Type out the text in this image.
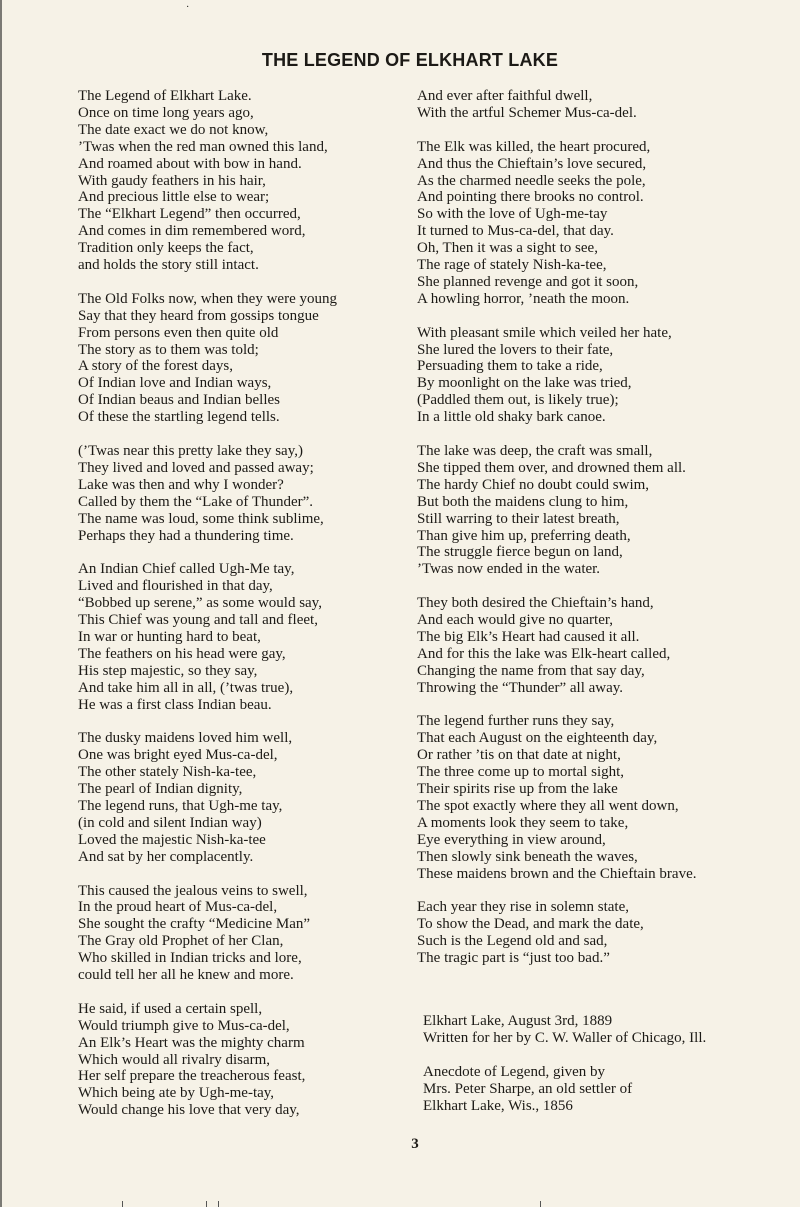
·
THE LEGEND OF ELKHART LAKE
The Legend of Elkhart Lake.
Once on time long years ago,
The date exact we do not know,
’Twas when the red man owned this land,
And roamed about with bow in hand.
With gaudy feathers in his hair,
And precious little else to wear;
The “Elkhart Legend” then occurred,
And comes in dim remembered word,
Tradition only keeps the fact,
and holds the story still intact.
The Old Folks now, when they were young
Say that they heard from gossips tongue
From persons even then quite old
The story as to them was told;
A story of the forest days,
Of Indian love and Indian ways,
Of Indian beaus and Indian belles
Of these the startling legend tells.
(’Twas near this pretty lake they say,)
They lived and loved and passed away;
Lake was then and why I wonder?
Called by them the “Lake of Thunder”.
The name was loud, some think sublime,
Perhaps they had a thundering time.
An Indian Chief called Ugh-Me tay,
Lived and flourished in that day,
“Bobbed up serene,” as some would say,
This Chief was young and tall and fleet,
In war or hunting hard to beat,
The feathers on his head were gay,
His step majestic, so they say,
And take him all in all, (’twas true),
He was a first class Indian beau.
The dusky maidens loved him well,
One was bright eyed Mus-ca-del,
The other stately Nish-ka-tee,
The pearl of Indian dignity,
The legend runs, that Ugh-me tay,
(in cold and silent Indian way)
Loved the majestic Nish-ka-tee
And sat by her complacently.
This caused the jealous veins to swell,
In the proud heart of Mus-ca-del,
She sought the crafty “Medicine Man”
The Gray old Prophet of her Clan,
Who skilled in Indian tricks and lore,
could tell her all he knew and more.
He said, if used a certain spell,
Would triumph give to Mus-ca-del,
An Elk’s Heart was the mighty charm
Which would all rivalry disarm,
Her self prepare the treacherous feast,
Which being ate by Ugh-me-tay,
Would change his love that very day,
And ever after faithful dwell,
With the artful Schemer Mus-ca-del.
The Elk was killed, the heart procured,
And thus the Chieftain’s love secured,
As the charmed needle seeks the pole,
And pointing there brooks no control.
So with the love of Ugh-me-tay
It turned to Mus-ca-del, that day.
Oh, Then it was a sight to see,
The rage of stately Nish-ka-tee,
She planned revenge and got it soon,
A howling horror, ’neath the moon.
With pleasant smile which veiled her hate,
She lured the lovers to their fate,
Persuading them to take a ride,
By moonlight on the lake was tried,
(Paddled them out, is likely true);
In a little old shaky bark canoe.
The lake was deep, the craft was small,
She tipped them over, and drowned them all.
The hardy Chief no doubt could swim,
But both the maidens clung to him,
Still warring to their latest breath,
Than give him up, preferring death,
The struggle fierce begun on land,
’Twas now ended in the water.
They both desired the Chieftain’s hand,
And each would give no quarter,
The big Elk’s Heart had caused it all.
And for this the lake was Elk-heart called,
Changing the name from that say day,
Throwing the “Thunder” all away.
The legend further runs they say,
That each August on the eighteenth day,
Or rather ’tis on that date at night,
The three come up to mortal sight,
Their spirits rise up from the lake
The spot exactly where they all went down,
A moments look they seem to take,
Eye everything in view around,
Then slowly sink beneath the waves,
These maidens brown and the Chieftain brave.
Each year they rise in solemn state,
To show the Dead, and mark the date,
Such is the Legend old and sad,
The tragic part is “just too bad.”
Elkhart Lake, August 3rd, 1889
Written for her by C. W. Waller of Chicago, Ill.
Anecdote of Legend, given by
Mrs. Peter Sharpe, an old settler of
Elkhart Lake, Wis., 1856
3
